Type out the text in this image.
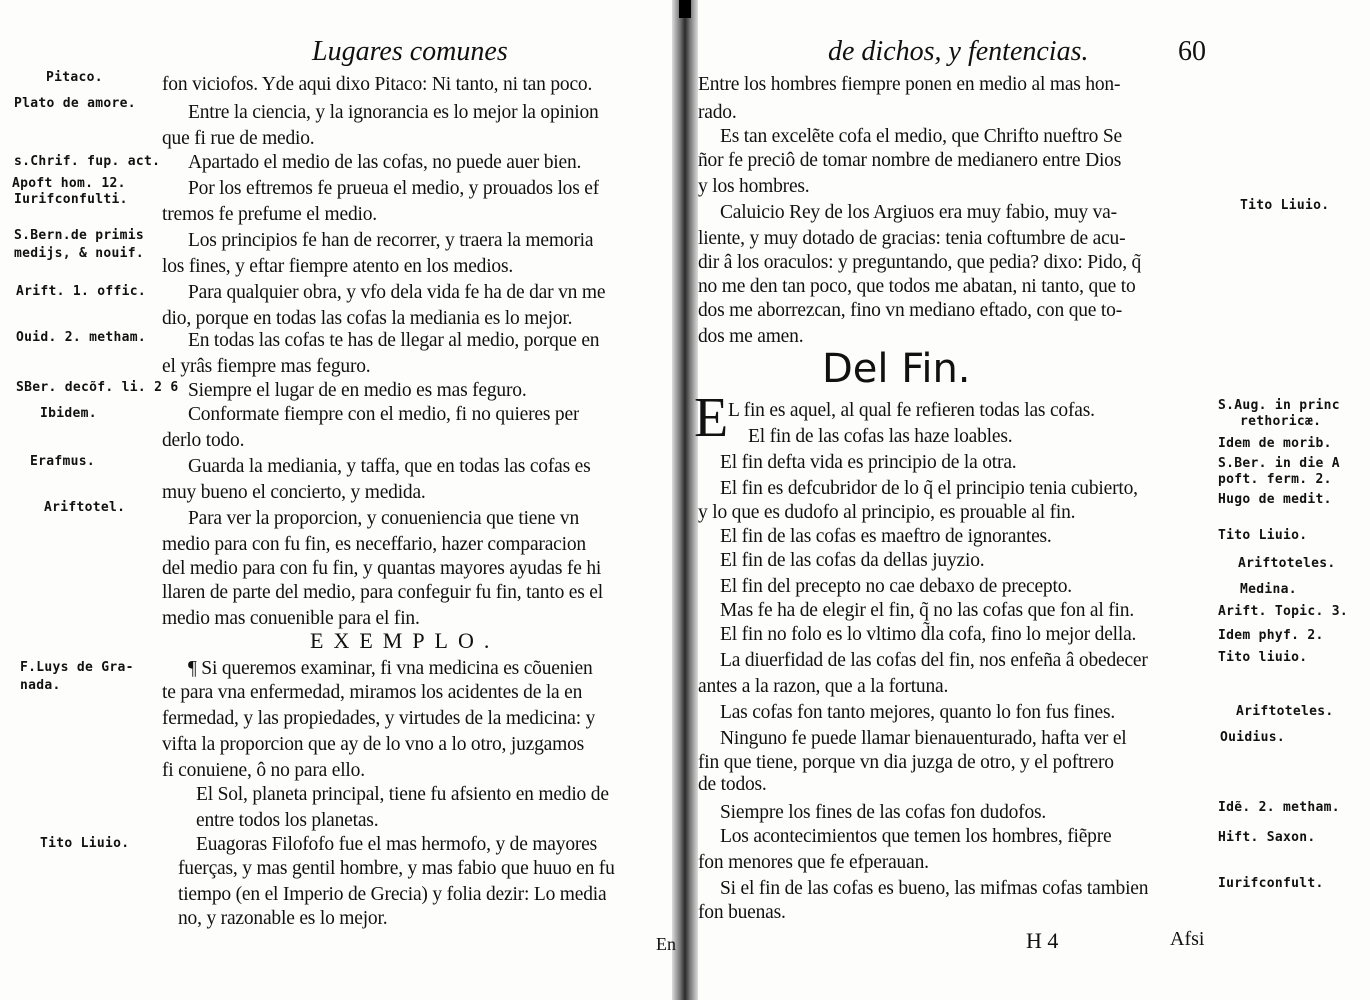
Lugares comunes	de dichos, y fentencias.	60
EXEMPLO.
Del Fin.
E
H 4	Afsi
En
fon viciofos. Yde aqui dixo Pitaco: Ni tanto, ni tan poco.
Entre la ciencia, y la ignorancia es lo mejor la opinion
que fi rue de medio.
Apartado el medio de las cofas, no puede auer bien.
Por los eftremos fe prueua el medio, y prouados los ef
tremos fe prefume el medio.
Los principios fe han de recorrer, y traera la memoria
los fines, y eftar fiempre atento en los medios.
Para qualquier obra, y vfo dela vida fe ha de dar vn me
dio, porque en todas las cofas la mediania es lo mejor.
En todas las cofas te has de llegar al medio, porque en
el yrâs fiempre mas feguro.
Siempre el lugar de en medio es mas feguro.
Conformate fiempre con el medio, fi no quieres per
derlo todo.
Guarda la mediania, y taffa, que en todas las cofas es
muy bueno el concierto, y medida.
Para ver la proporcion, y conueniencia que tiene vn
medio para con fu fin, es neceffario, hazer comparacion
del medio para con fu fin, y quantas mayores ayudas fe hi
llaren de parte del medio, para confeguir fu fin, tanto es el
medio mas conuenible para el fin.
¶ Si queremos examinar, fi vna medicina es cõuenien
te para vna enfermedad, miramos los acidentes de la en
fermedad, y las propiedades, y virtudes de la medicina: y
vifta la proporcion que ay de lo vno a lo otro, juzgamos
fi conuiene, ô no para ello.
El Sol, planeta principal, tiene fu afsiento en medio de
entre todos los planetas.
Euagoras Filofofo fue el mas hermofo, y de mayores
fuerças, y mas gentil hombre, y mas fabio que huuo en fu
tiempo (en el Imperio de Grecia) y folia dezir: Lo media
no, y razonable es lo mejor.
Pitaco.
Plato de amore.
s.Chrif. fup. act.
Apoft hom. 12.
Iurifconfulti.
S.Bern.de primis
medijs, & nouif.
Arift. 1. offic.
Ouid. 2. metham.
SBer. decõf. li. 2 6
Ibidem.
Erafmus.
Ariftotel.
F.Luys de Gra-
nada.
Tito Liuio.
Entre los hombres fiempre ponen en medio al mas hon-
rado.
Es tan excelẽte cofa el medio, que Chrifto nueftro Se
ñor fe preciô de tomar nombre de medianero entre Dios
y los hombres.
Caluicio Rey de los Argiuos era muy fabio, muy va-
liente, y muy dotado de gracias: tenia coftumbre de acu-
dir â los oraculos: y preguntando, que pedia? dixo: Pido, q̃
no me den tan poco, que todos me abatan, ni tanto, que to
dos me aborrezcan, fino vn mediano eftado, con que to-
dos me amen.
L fin es aquel, al qual fe refieren todas las cofas.
El fin de las cofas las haze loables.
El fin defta vida es principio de la otra.
El fin es defcubridor de lo q̃ el principio tenia cubierto,
y lo que es dudofo al principio, es prouable al fin.
El fin de las cofas es maeftro de ignorantes.
El fin de las cofas da dellas juyzio.
El fin del precepto no cae debaxo de precepto.
Mas fe ha de elegir el fin, q̃ no las cofas que fon al fin.
El fin no folo es lo vltimo d̃la cofa, fino lo mejor della.
La diuerfidad de las cofas del fin, nos enfeña â obedecer
antes a la razon, que a la fortuna.
Las cofas fon tanto mejores, quanto lo fon fus fines.
Ninguno fe puede llamar bienauenturado, hafta ver el
fin que tiene, porque vn dia juzga de otro, y el poftrero
de todos.
Siempre los fines de las cofas fon dudofos.
Los acontecimientos que temen los hombres, fiẽpre
fon menores que fe efperauan.
Si el fin de las cofas es bueno, las mifmas cofas tambien
fon buenas.
Tito Liuio.
S.Aug. in princ
rethoricæ.
Idem de morib.
S.Ber. in die A
poft. ferm. 2.
Hugo de medit.
Tito Liuio.
Ariftoteles.
Medina.
Arift. Topic. 3.
Idem phyf. 2.
Tito liuio.
Ariftoteles.
Ouidius.
Idẽ. 2. metham.
Hift. Saxon.
Iurifconfult.
